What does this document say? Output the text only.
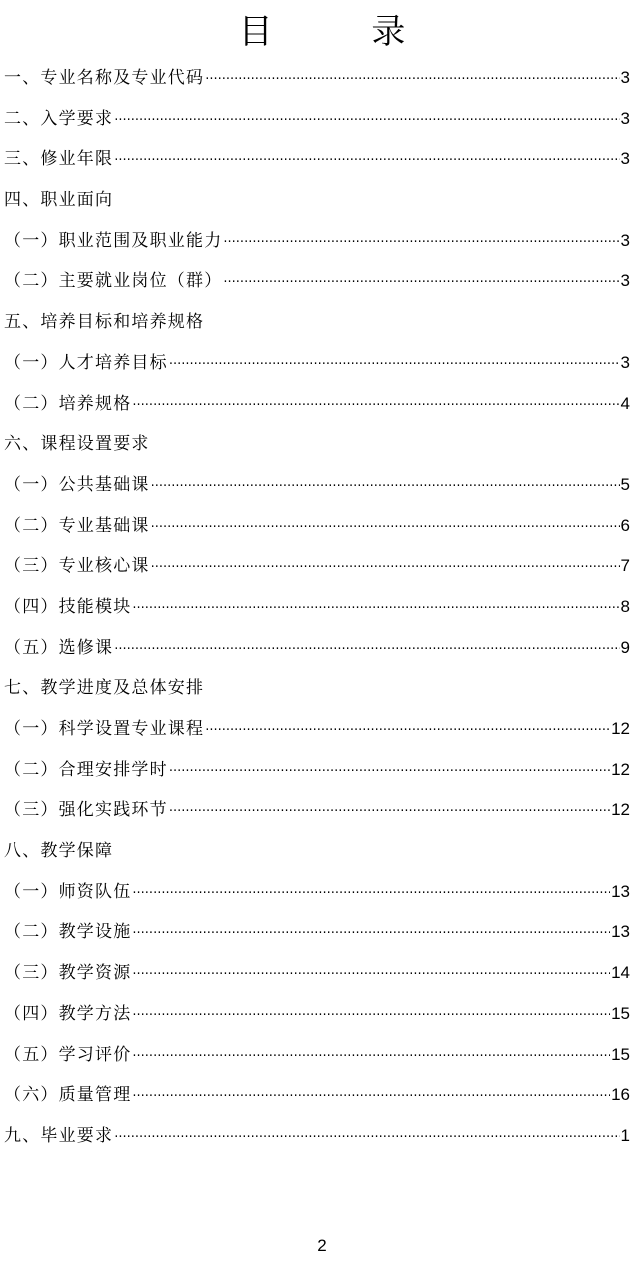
目 录
一、专业名称及专业代码 ·····	3
二、入学要求 ·····	3
三、修业年限 ·····	3
四、职业面向
（一）职业范围及职业能力 ·····	3
（二）主要就业岗位（群） ·····	3
五、培养目标和培养规格
（一）人才培养目标 ·····	3
（二）培养规格 ·····	4
六、课程设置要求
（一）公共基础课 ·····	5
（二）专业基础课 ·····	6
（三）专业核心课 ·····	7
（四）技能模块 ·····	8
（五）选修课 ·····	9
七、教学进度及总体安排
（一）科学设置专业课程 ·····	12
（二）合理安排学时 ·····	12
（三）强化实践环节 ·····	12
八、教学保障
（一）师资队伍 ·····	13
（二）教学设施 ·····	13
（三）教学资源 ·····	14
（四）教学方法 ·····	15
（五）学习评价 ·····	15
（六）质量管理 ·····	16
九、毕业要求 ·····	1
2
